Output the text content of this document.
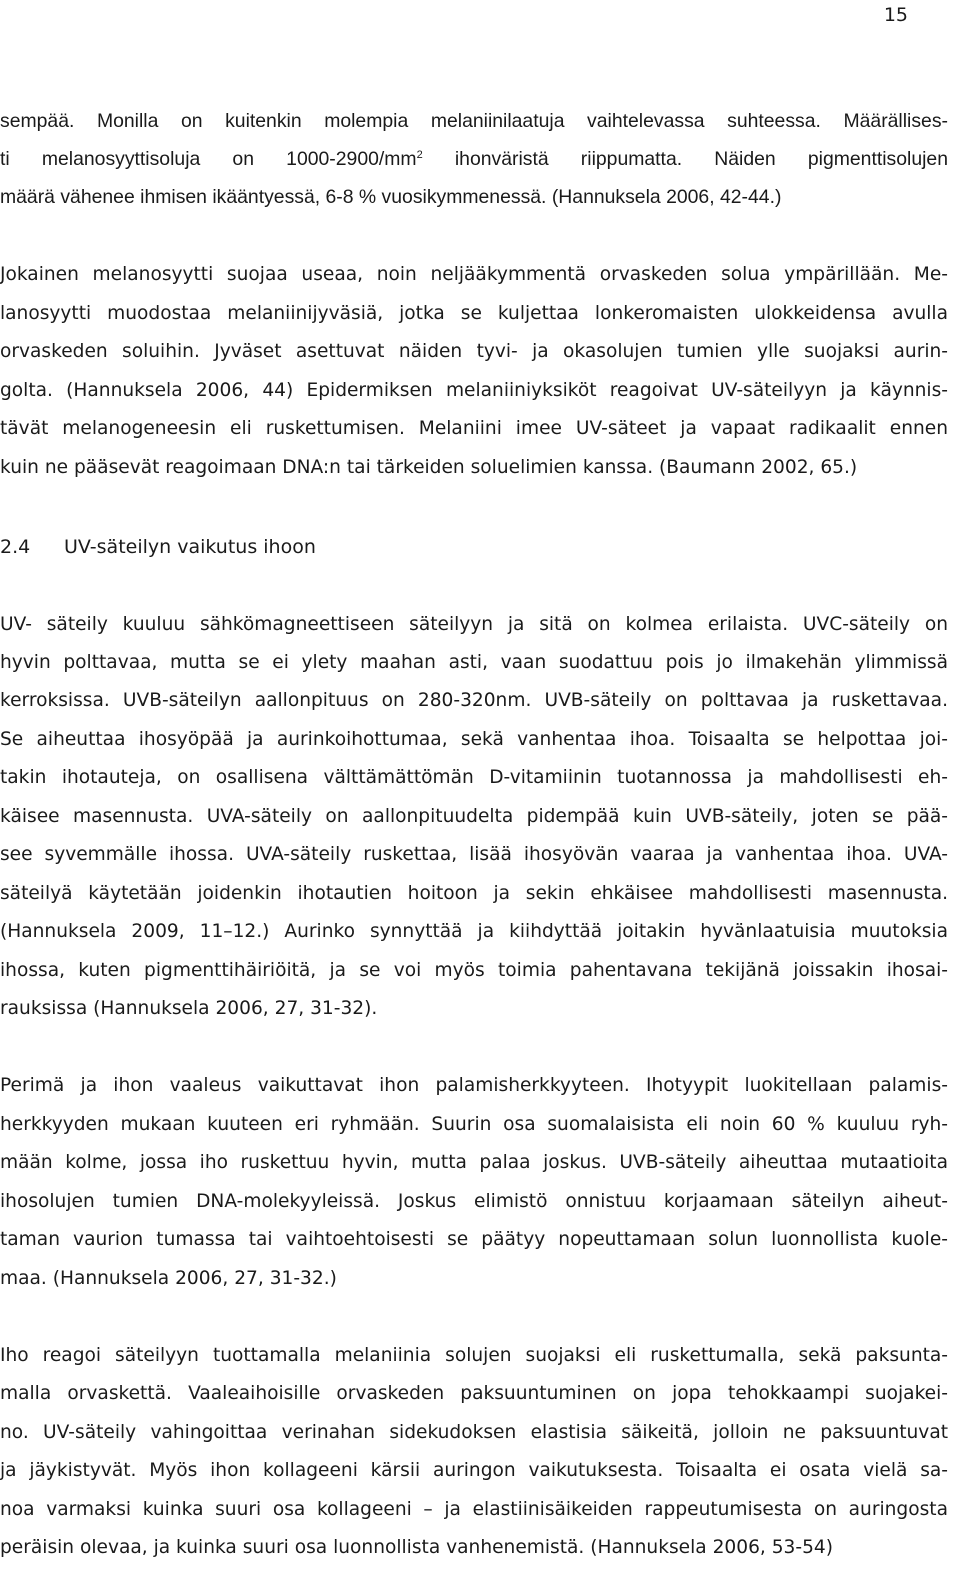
15
sempää. Monilla on kuitenkin molempia melaniinilaatuja vaihtelevassa suhteessa. Määrällises-
ti melanosyyttisoluja on $1000-2900/mm^2$ ihonväristä riippumatta. Näiden pigmenttisolujen
määrä vähenee ihmisen ikääntyessä, 6-8 % vuosikymmenessä. (Hannuksela 2006, 42-44.)
Jokainen melanosyytti suojaa useaa, noin neljääkymmentä orvaskeden solua ympärillään. Me-
lanosyytti muodostaa melaniinijyväsiä, jotka se kuljettaa lonkeromaisten ulokkeidensa avulla
orvaskeden soluihin. Jyväset asettuvat näiden tyvi- ja okasolujen tumien ylle suojaksi aurin-
golta. (Hannuksela 2006, 44) Epidermiksen melaniiniyksiköt reagoivat UV-säteilyyn ja käynnis-
tävät melanogeneesin eli ruskettumisen. Melaniini imee UV-säteet ja vapaat radikaalit ennen
kuin ne pääsevät reagoimaan DNA:n tai tärkeiden soluelimien kanssa. (Baumann 2002, 65.)
2.4 UV-säteilyn vaikutus ihoon
UV- säteily kuuluu sähkömagneettiseen säteilyyn ja sitä on kolmea erilaista. UVC-säteily on
hyvin polttavaa, mutta se ei ylety maahan asti, vaan suodattuu pois jo ilmakehän ylimmissä
kerroksissa. UVB-säteilyn aallonpituus on 280-320nm. UVB-säteily on polttavaa ja ruskettavaa.
Se aiheuttaa ihosyöpää ja aurinkoihottumaa, sekä vanhentaa ihoa. Toisaalta se helpottaa joi-
takin ihotauteja, on osallisena välttämättömän D-vitamiinin tuotannossa ja mahdollisesti eh-
käisee masennusta. UVA-säteily on aallonpituudelta pidempää kuin UVB-säteily, joten se pää-
see syvemmälle ihossa. UVA-säteily ruskettaa, lisää ihosyövän vaaraa ja vanhentaa ihoa. UVA-
säteilyä käytetään joidenkin ihotautien hoitoon ja sekin ehkäisee mahdollisesti masennusta.
(Hannuksela 2009, 11–12.) Aurinko synnyttää ja kiihdyttää joitakin hyvänlaatuisia muutoksia
ihossa, kuten pigmenttihäiriöitä, ja se voi myös toimia pahentavana tekijänä joissakin ihosai-
rauksissa (Hannuksela 2006, 27, 31-32).
Perimä ja ihon vaaleus vaikuttavat ihon palamisherkkyyteen. Ihotyypit luokitellaan palamis-
herkkyyden mukaan kuuteen eri ryhmään. Suurin osa suomalaisista eli noin 60 % kuuluu ryh-
mään kolme, jossa iho ruskettuu hyvin, mutta palaa joskus. UVB-säteily aiheuttaa mutaatioita
ihosolujen tumien DNA-molekyyleissä. Joskus elimistö onnistuu korjaamaan säteilyn aiheut-
taman vaurion tumassa tai vaihtoehtoisesti se päätyy nopeuttamaan solun luonnollista kuole-
maa. (Hannuksela 2006, 27, 31-32.)
Iho reagoi säteilyyn tuottamalla melaniinia solujen suojaksi eli ruskettumalla, sekä paksunta-
malla orvaskettä. Vaaleaihoisille orvaskeden paksuuntuminen on jopa tehokkaampi suojakei-
no. UV-säteily vahingoittaa verinahan sidekudoksen elastisia säikeitä, jolloin ne paksuuntuvat
ja jäykistyvät. Myös ihon kollageeni kärsii auringon vaikutuksesta. Toisaalta ei osata vielä sa-
noa varmaksi kuinka suuri osa kollageeni – ja elastiinisäikeiden rappeutumisesta on auringosta
peräisin olevaa, ja kuinka suuri osa luonnollista vanhenemistä. (Hannuksela 2006, 53-54)
